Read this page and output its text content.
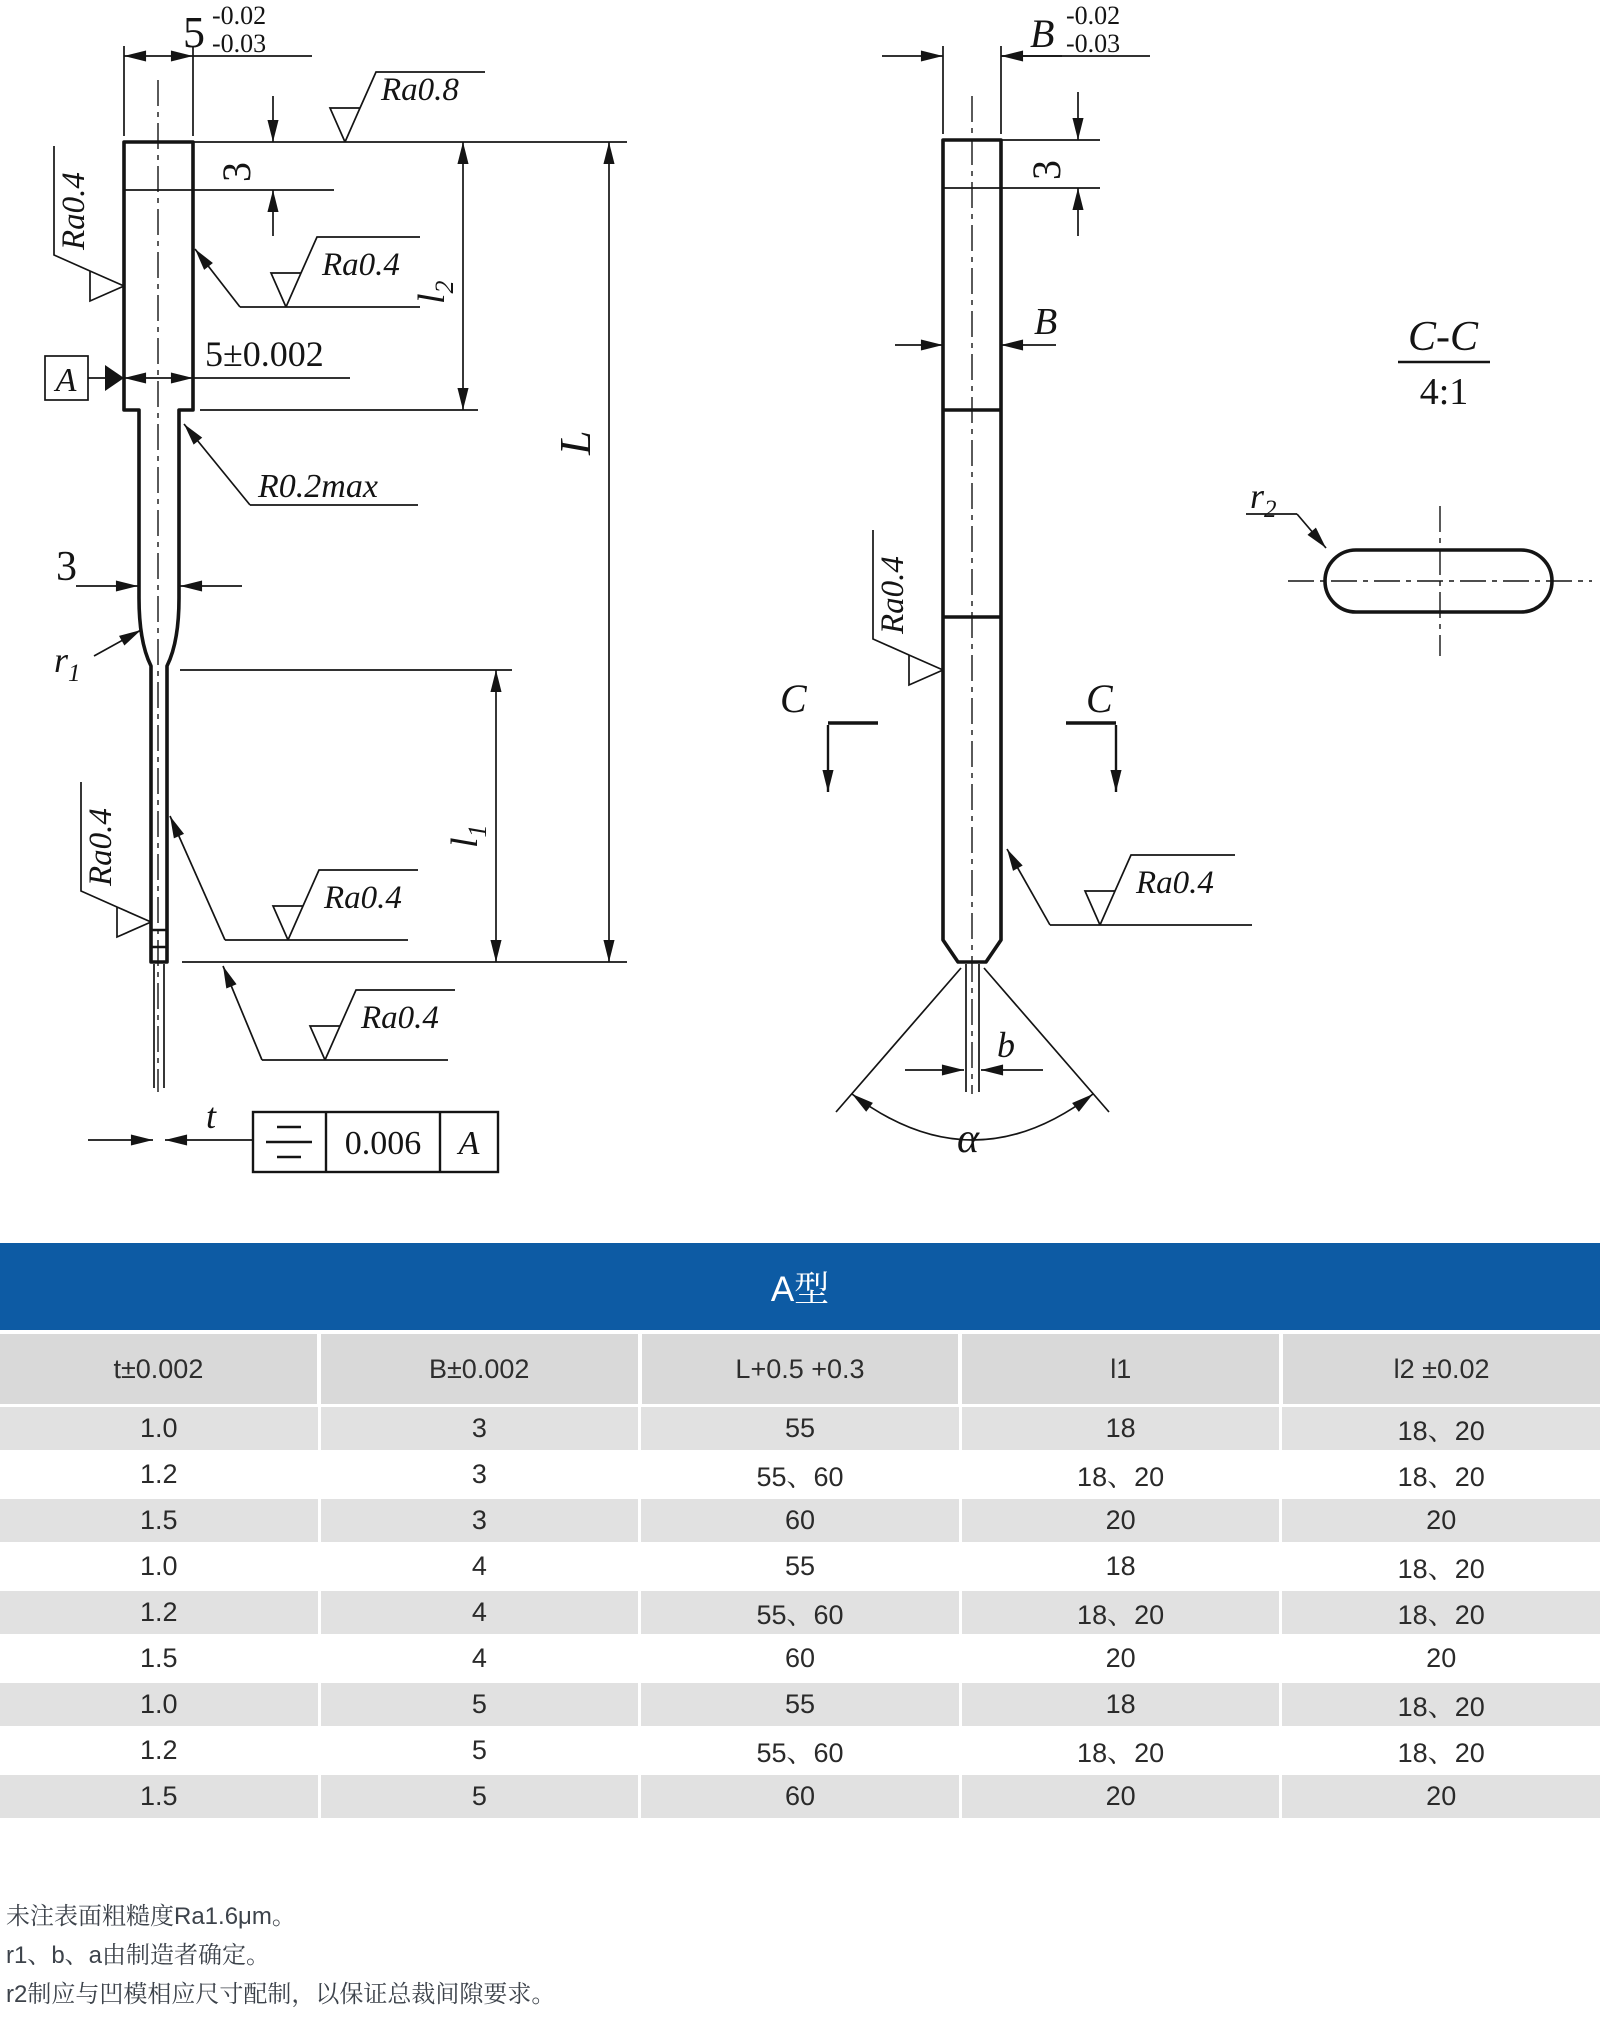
5 -0.02
-0.03
3
Ra0.8
Ra0.4
Ra0.4
A
5±0.002
R0.2max
3
$r_1$
$l_2$
L
$l_1$
Ra0.4
Ra0.4
Ra0.4
t
0.006 A
B -0.02
-0.03
3
B
Ra0.4
C	C
Ra0.4
b
α
C-C
4:1
$r_2$
A型
t±0.002	B±0.002	L+0.5 +0.3	l1	l2 ±0.02
1.0	3	55	18	18、20
1.2	3	55、60	18、20	18、20
1.5	3	60	20	20
1.0	4	55	18	18、20
1.2	4	55、60	18、20	18、20
1.5	4	60	20	20
1.0	5	55	18	18、20
1.2	5	55、60	18、20	18、20
1.5	5	60	20	20

未注表面粗糙度Ra1.6μm。

r1、b、a由制造者确定。

r2制应与凹模相应尺寸配制，以保证总裁间隙要求。
